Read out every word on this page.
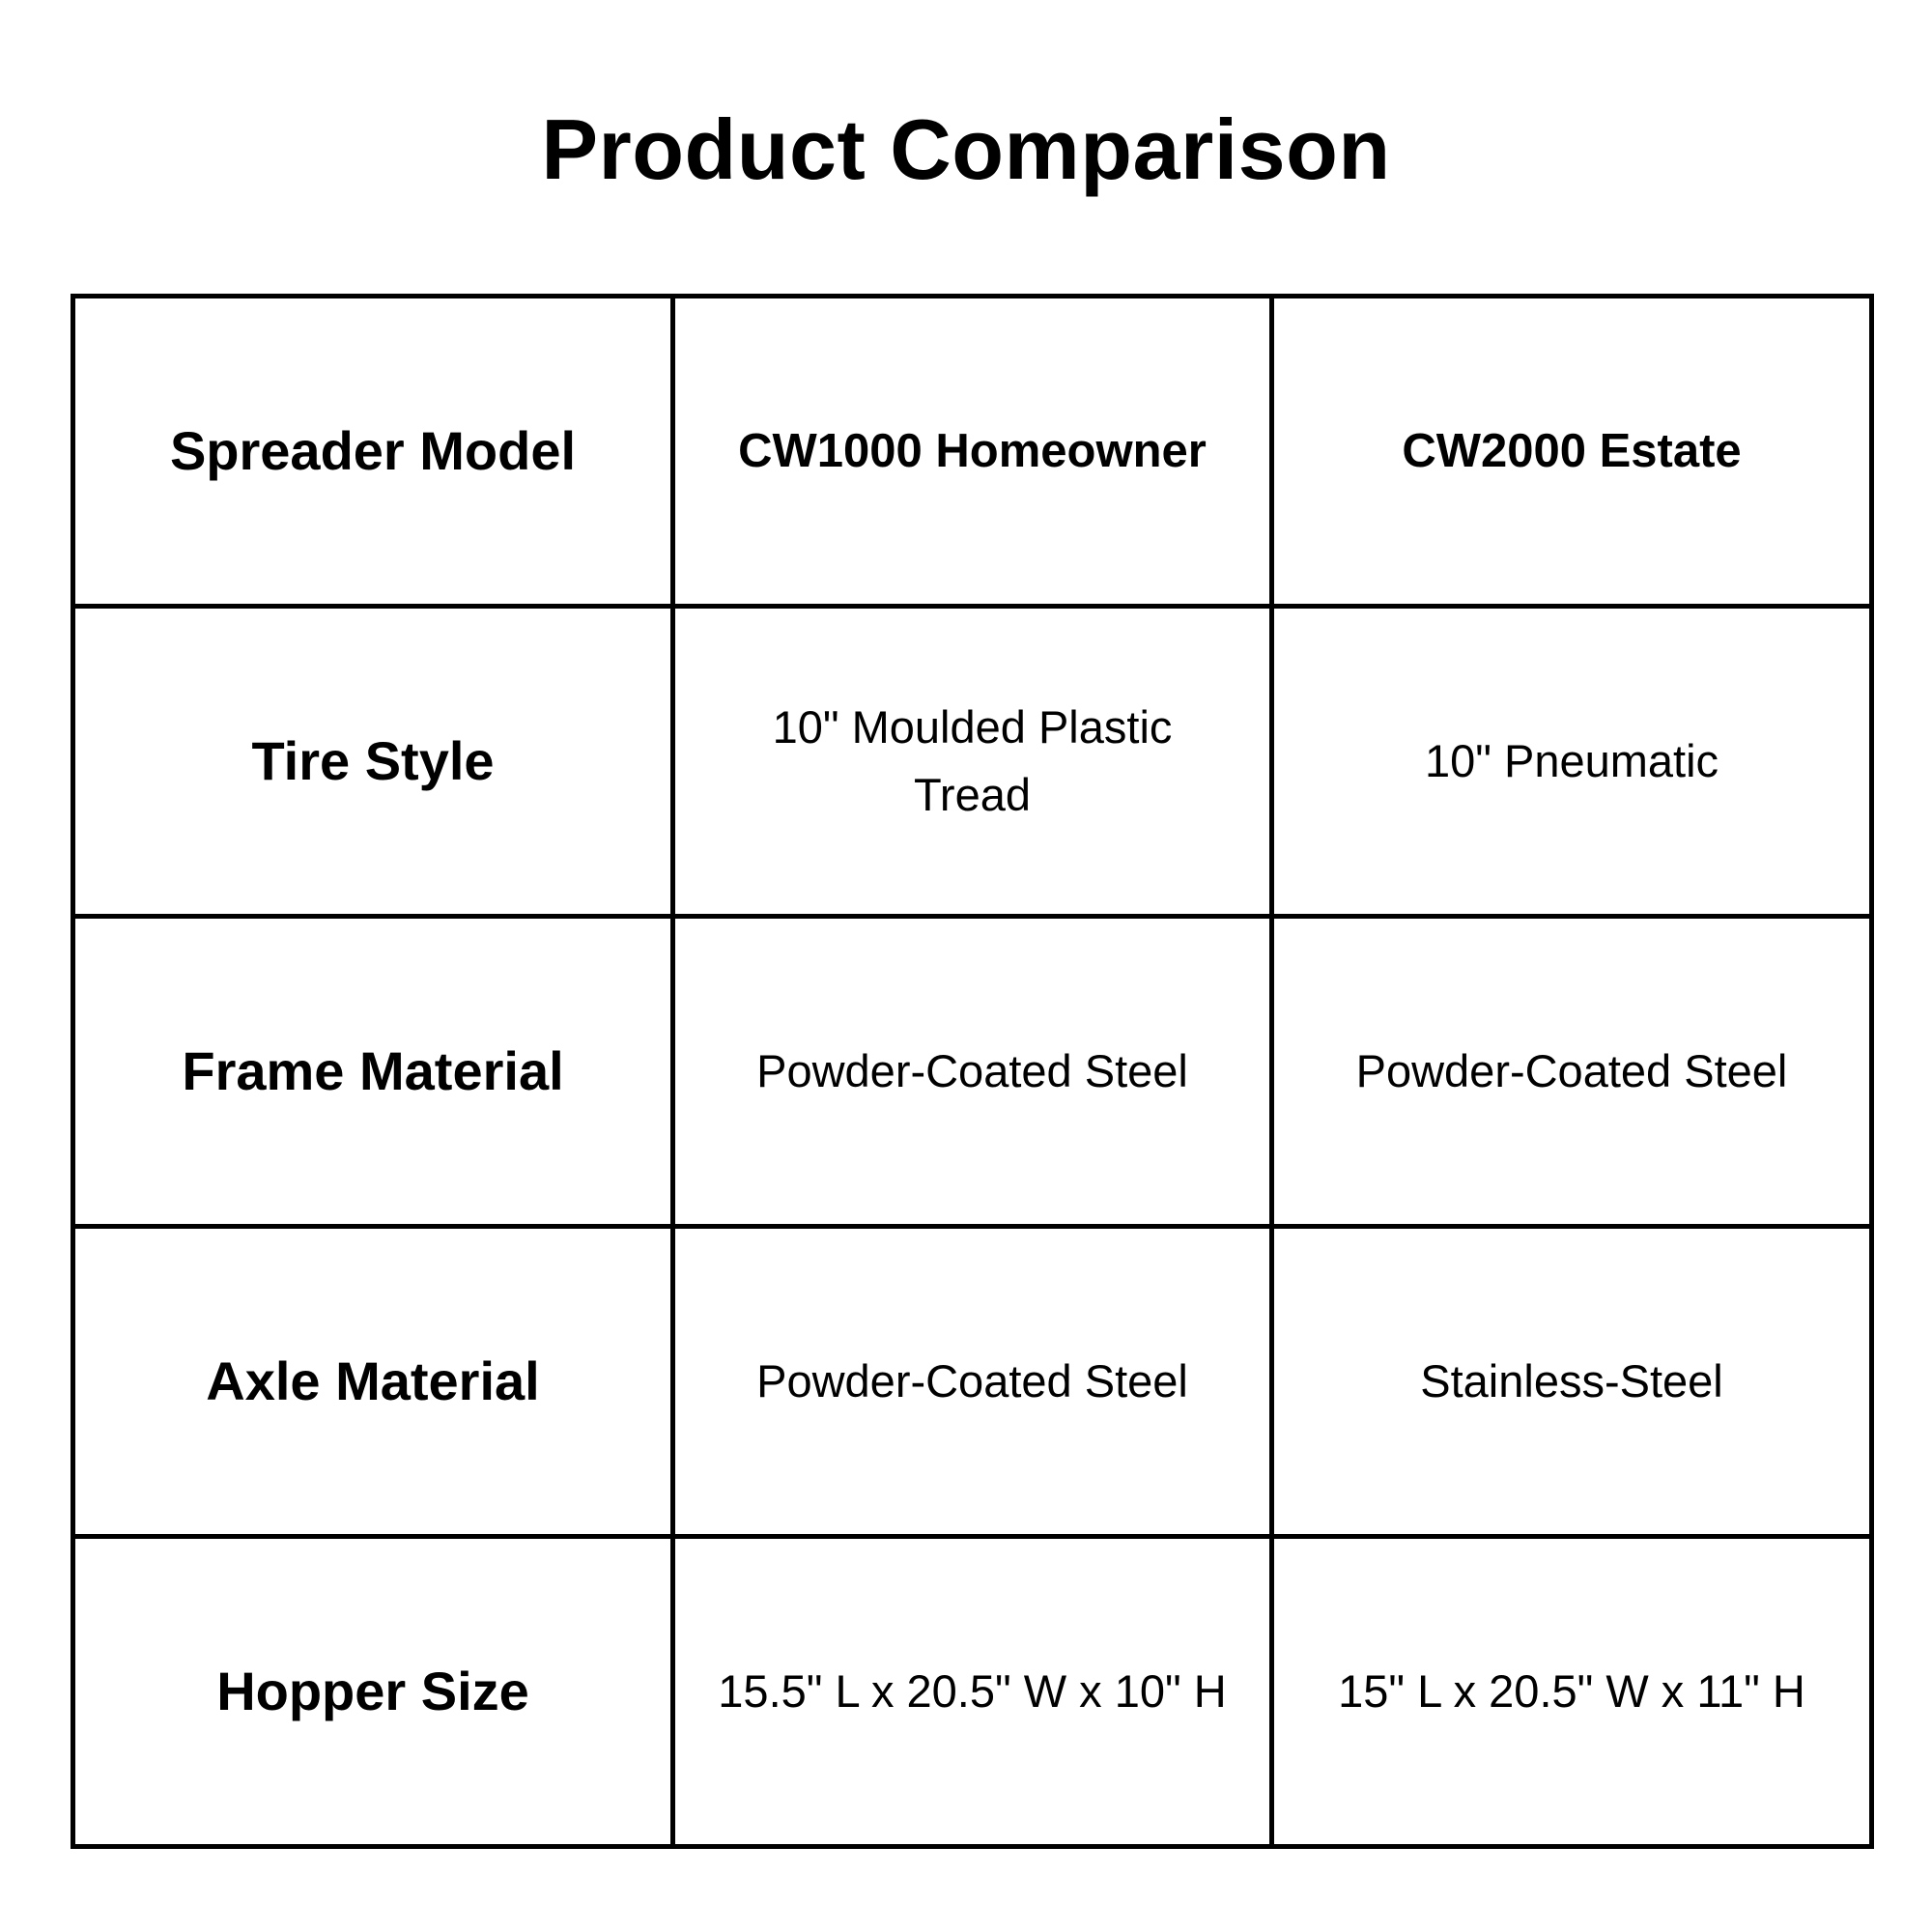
Product Comparison
Spreader Model	CW1000 Homeowner	CW2000 Estate
Tire Style	10" Moulded Plastic Tread	10" Pneumatic
Frame Material	Powder-Coated Steel	Powder-Coated Steel
Axle Material	Powder-Coated Steel	Stainless-Steel
Hopper Size	15.5" L x 20.5" W x 10" H	15" L x 20.5" W x 11" H
